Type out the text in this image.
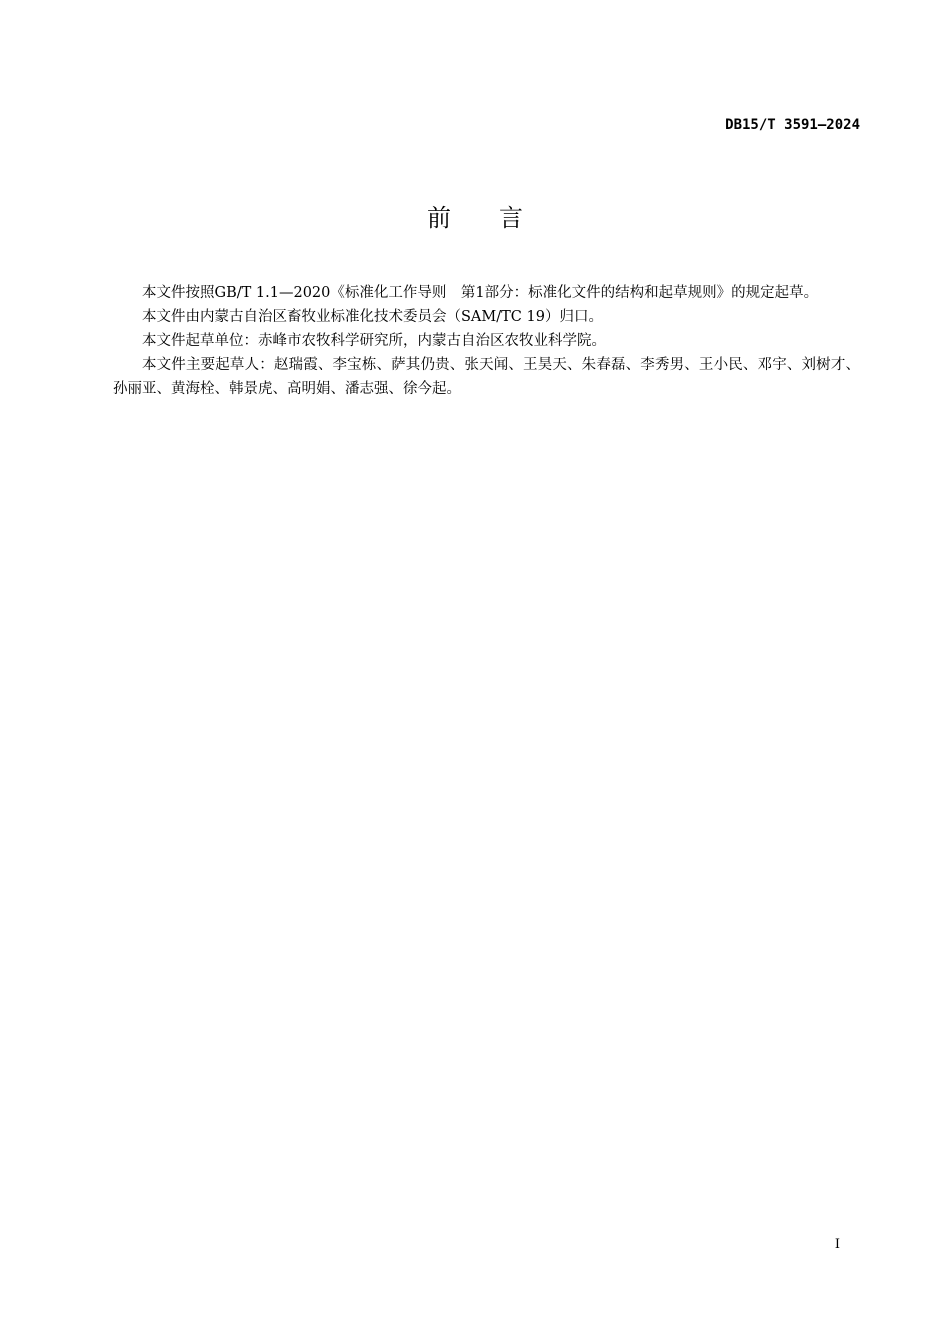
DB15/T 3591—2024
前 言

本文件按照GB/T 1.1—2020《标准化工作导则　第1部分：标准化文件的结构和起草规则》的规定起草。

本文件由内蒙古自治区畜牧业标准化技术委员会（SAM/TC 19）归口。

本文件起草单位：赤峰市农牧科学研究所，内蒙古自治区农牧业科学院。

本文件主要起草人：赵瑞霞、李宝栋、萨其仍贵、张天闻、王昊天、朱春磊、李秀男、王小民、邓宇、刘树才、孙丽亚、黄海栓、韩景虎、高明娟、潘志强、徐今起。

I
